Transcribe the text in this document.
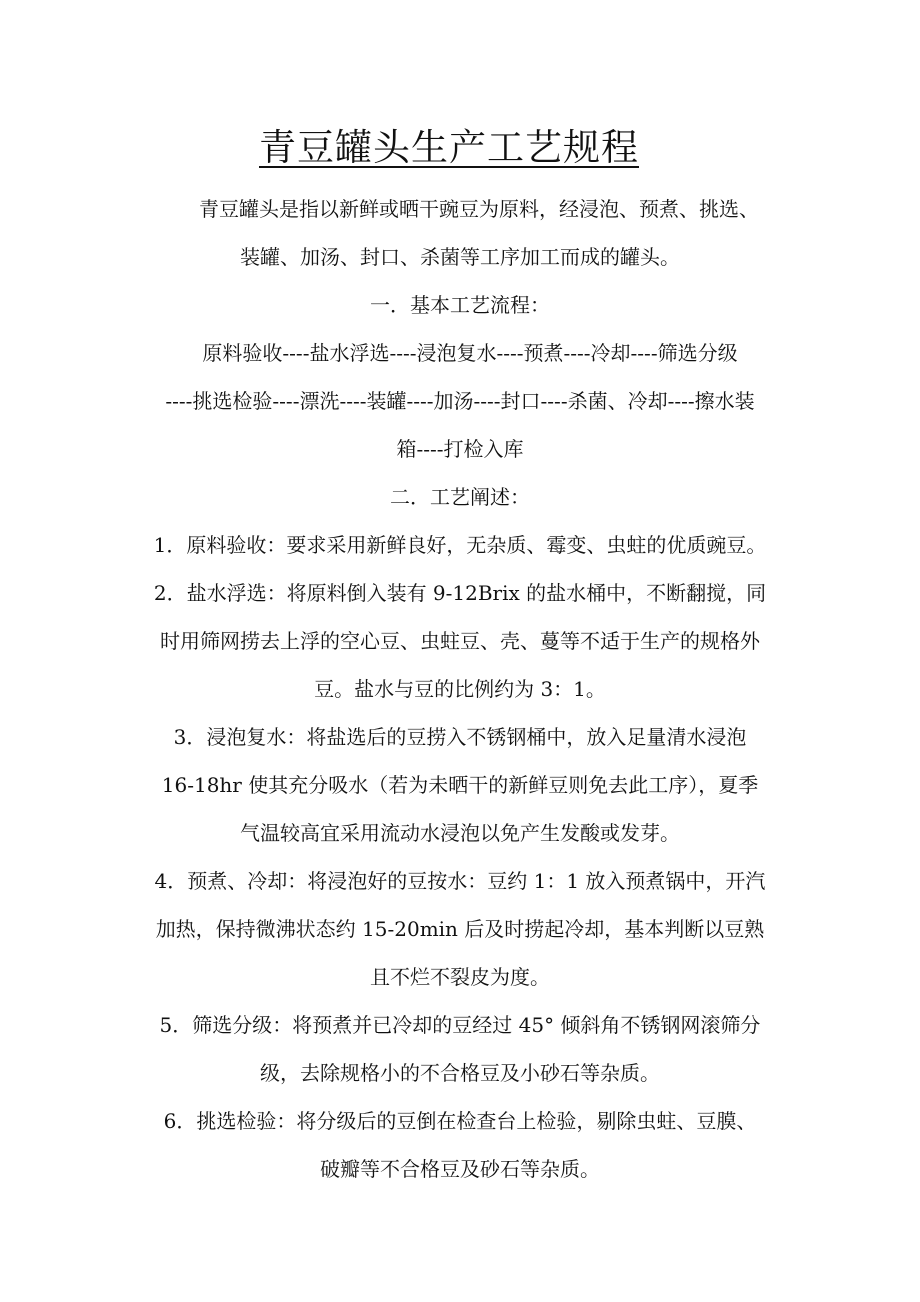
青豆罐头生产工艺规程
青豆罐头是指以新鲜或晒干豌豆为原料，经浸泡、预煮、挑选、
装罐、加汤、封口、杀菌等工序加工而成的罐头。
一．基本工艺流程：
原料验收----盐水浮选----浸泡复水----预煮----冷却----筛选分级
----挑选检验----漂洗----装罐----加汤----封口----杀菌、冷却----擦水装
箱----打检入库
二．工艺阐述：
1．原料验收：要求采用新鲜良好，无杂质、霉变、虫蛀的优质豌豆。
2．盐水浮选：将原料倒入装有 9-12Brix 的盐水桶中，不断翻搅，同
时用筛网捞去上浮的空心豆、虫蛀豆、壳、蔓等不适于生产的规格外
豆。盐水与豆的比例约为 3：1。
3．浸泡复水：将盐选后的豆捞入不锈钢桶中，放入足量清水浸泡
16-18hr 使其充分吸水（若为未晒干的新鲜豆则免去此工序），夏季
气温较高宜采用流动水浸泡以免产生发酸或发芽。
4．预煮、冷却：将浸泡好的豆按水：豆约 1：1 放入预煮锅中，开汽
加热，保持微沸状态约 15-20min 后及时捞起冷却，基本判断以豆熟
且不烂不裂皮为度。
5．筛选分级：将预煮并已冷却的豆经过 45° 倾斜角不锈钢网滚筛分
级，去除规格小的不合格豆及小砂石等杂质。
6．挑选检验：将分级后的豆倒在检查台上检验，剔除虫蛀、豆膜、
破瓣等不合格豆及砂石等杂质。
